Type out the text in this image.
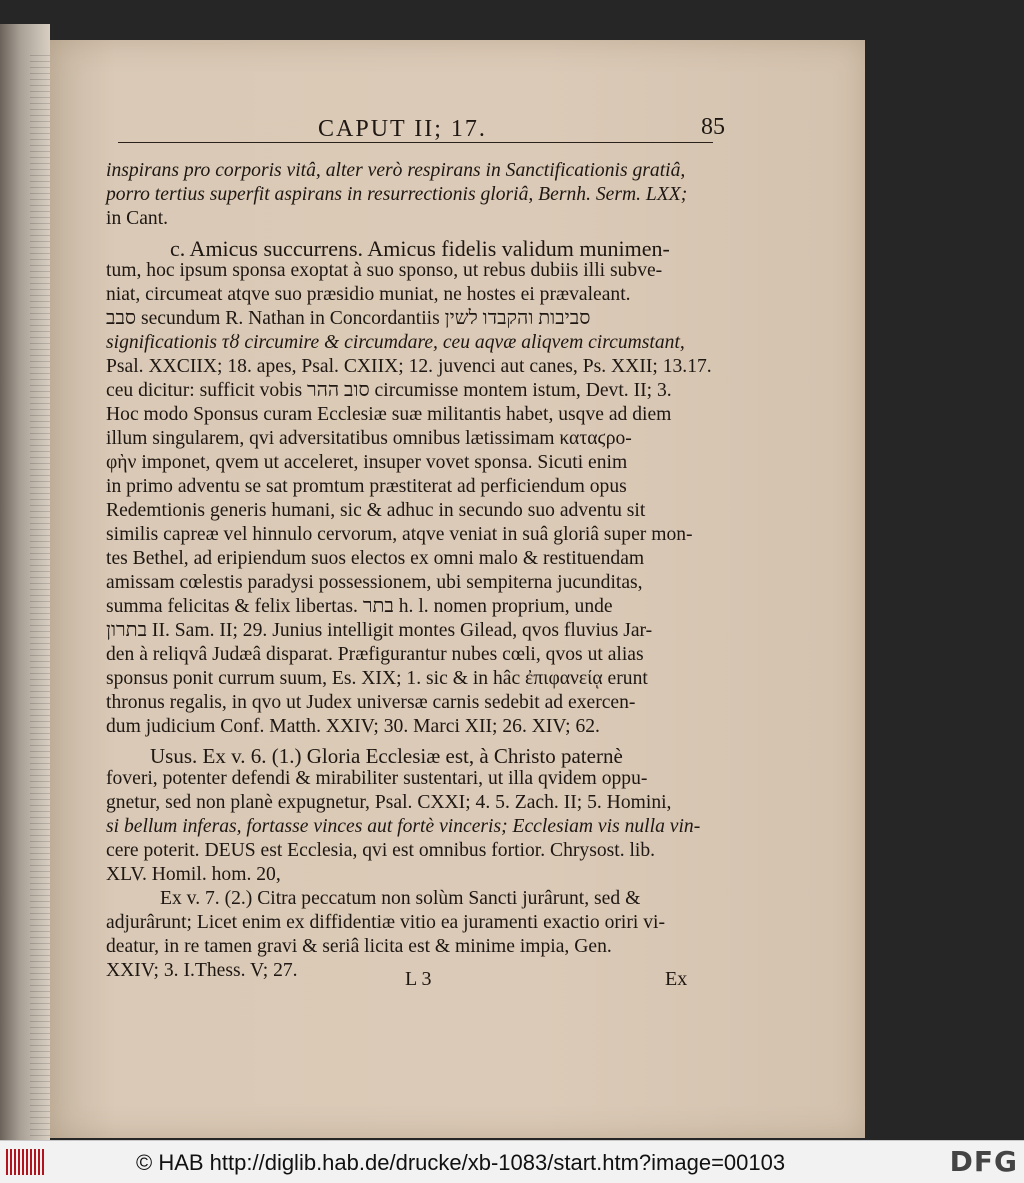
CAPUT II; 17.	85
inspirans pro corporis vitâ, alter verò respirans in Sanctificationis gratiâ,
porro tertius superfit aspirans in resurrectionis gloriâ, Bernh. Serm. LXX;
in Cant.
c. Amicus succurrens. Amicus fidelis validum munimen-
tum, hoc ipsum sponsa exoptat à suo sponso, ut rebus dubiis illi subve-
niat, circumeat atqve suo præsidio muniat, ne hostes ei prævaleant.
סבב secundum R. Nathan in Concordantiis סביבות והקבדו לשין
significationis τȣ circumire & circumdare, ceu aqvæ aliqvem circumstant,
Psal. XXCIIX; 18. apes, Psal. CXIIX; 12. juvenci aut canes, Ps. XXII; 13.17.
ceu dicitur: sufficit vobis סוב ההר circumisse montem istum, Devt. II; 3.
Hoc modo Sponsus curam Ecclesiæ suæ militantis habet, usqve ad diem
illum singularem, qvi adversitatibus omnibus lætissimam καταϛρο-
φὴν imponet, qvem ut acceleret, insuper vovet sponsa. Sicuti enim
in primo adventu se sat promtum præstiterat ad perficiendum opus
Redemtionis generis humani, sic & adhuc in secundo suo adventu sit
similis capreæ vel hinnulo cervorum, atqve veniat in suâ gloriâ super mon-
tes Bethel, ad eripiendum suos electos ex omni malo & restituendam
amissam cœlestis paradysi possessionem, ubi sempiterna jucunditas,
summa felicitas & felix libertas. בתר h. l. nomen proprium, unde
בתרון II. Sam. II; 29. Junius intelligit montes Gilead, qvos fluvius Jar-
den à reliqvâ Judæâ disparat. Præfigurantur nubes cœli, qvos ut alias
sponsus ponit currum suum, Es. XIX; 1. sic & in hâc ἐπιφανείᾳ erunt
thronus regalis, in qvo ut Judex universæ carnis sedebit ad exercen-
dum judicium Conf. Matth. XXIV; 30. Marci XII; 26. XIV; 62.
Usus. Ex v. 6. (1.) Gloria Ecclesiæ est, à Christo paternè
foveri, potenter defendi & mirabiliter sustentari, ut illa qvidem oppu-
gnetur, sed non planè expugnetur, Psal. CXXI; 4. 5. Zach. II; 5. Homini,
si bellum inferas, fortasse vinces aut fortè vinceris; Ecclesiam vis nulla vin-
cere poterit. DEUS est Ecclesia, qvi est omnibus fortior. Chrysost. lib.
XLV. Homil. hom. 20,
Ex v. 7. (2.) Citra peccatum non solùm Sancti jurârunt, sed &
adjurârunt; Licet enim ex diffidentiæ vitio ea juramenti exactio oriri vi-
deatur, in re tamen gravi & seriâ licita est & minime impia, Gen.
XXIV; 3. I.Thess. V; 27.	L 3	Ex
© HAB http://diglib.hab.de/drucke/xb-1083/start.htm?image=00103	DFG
